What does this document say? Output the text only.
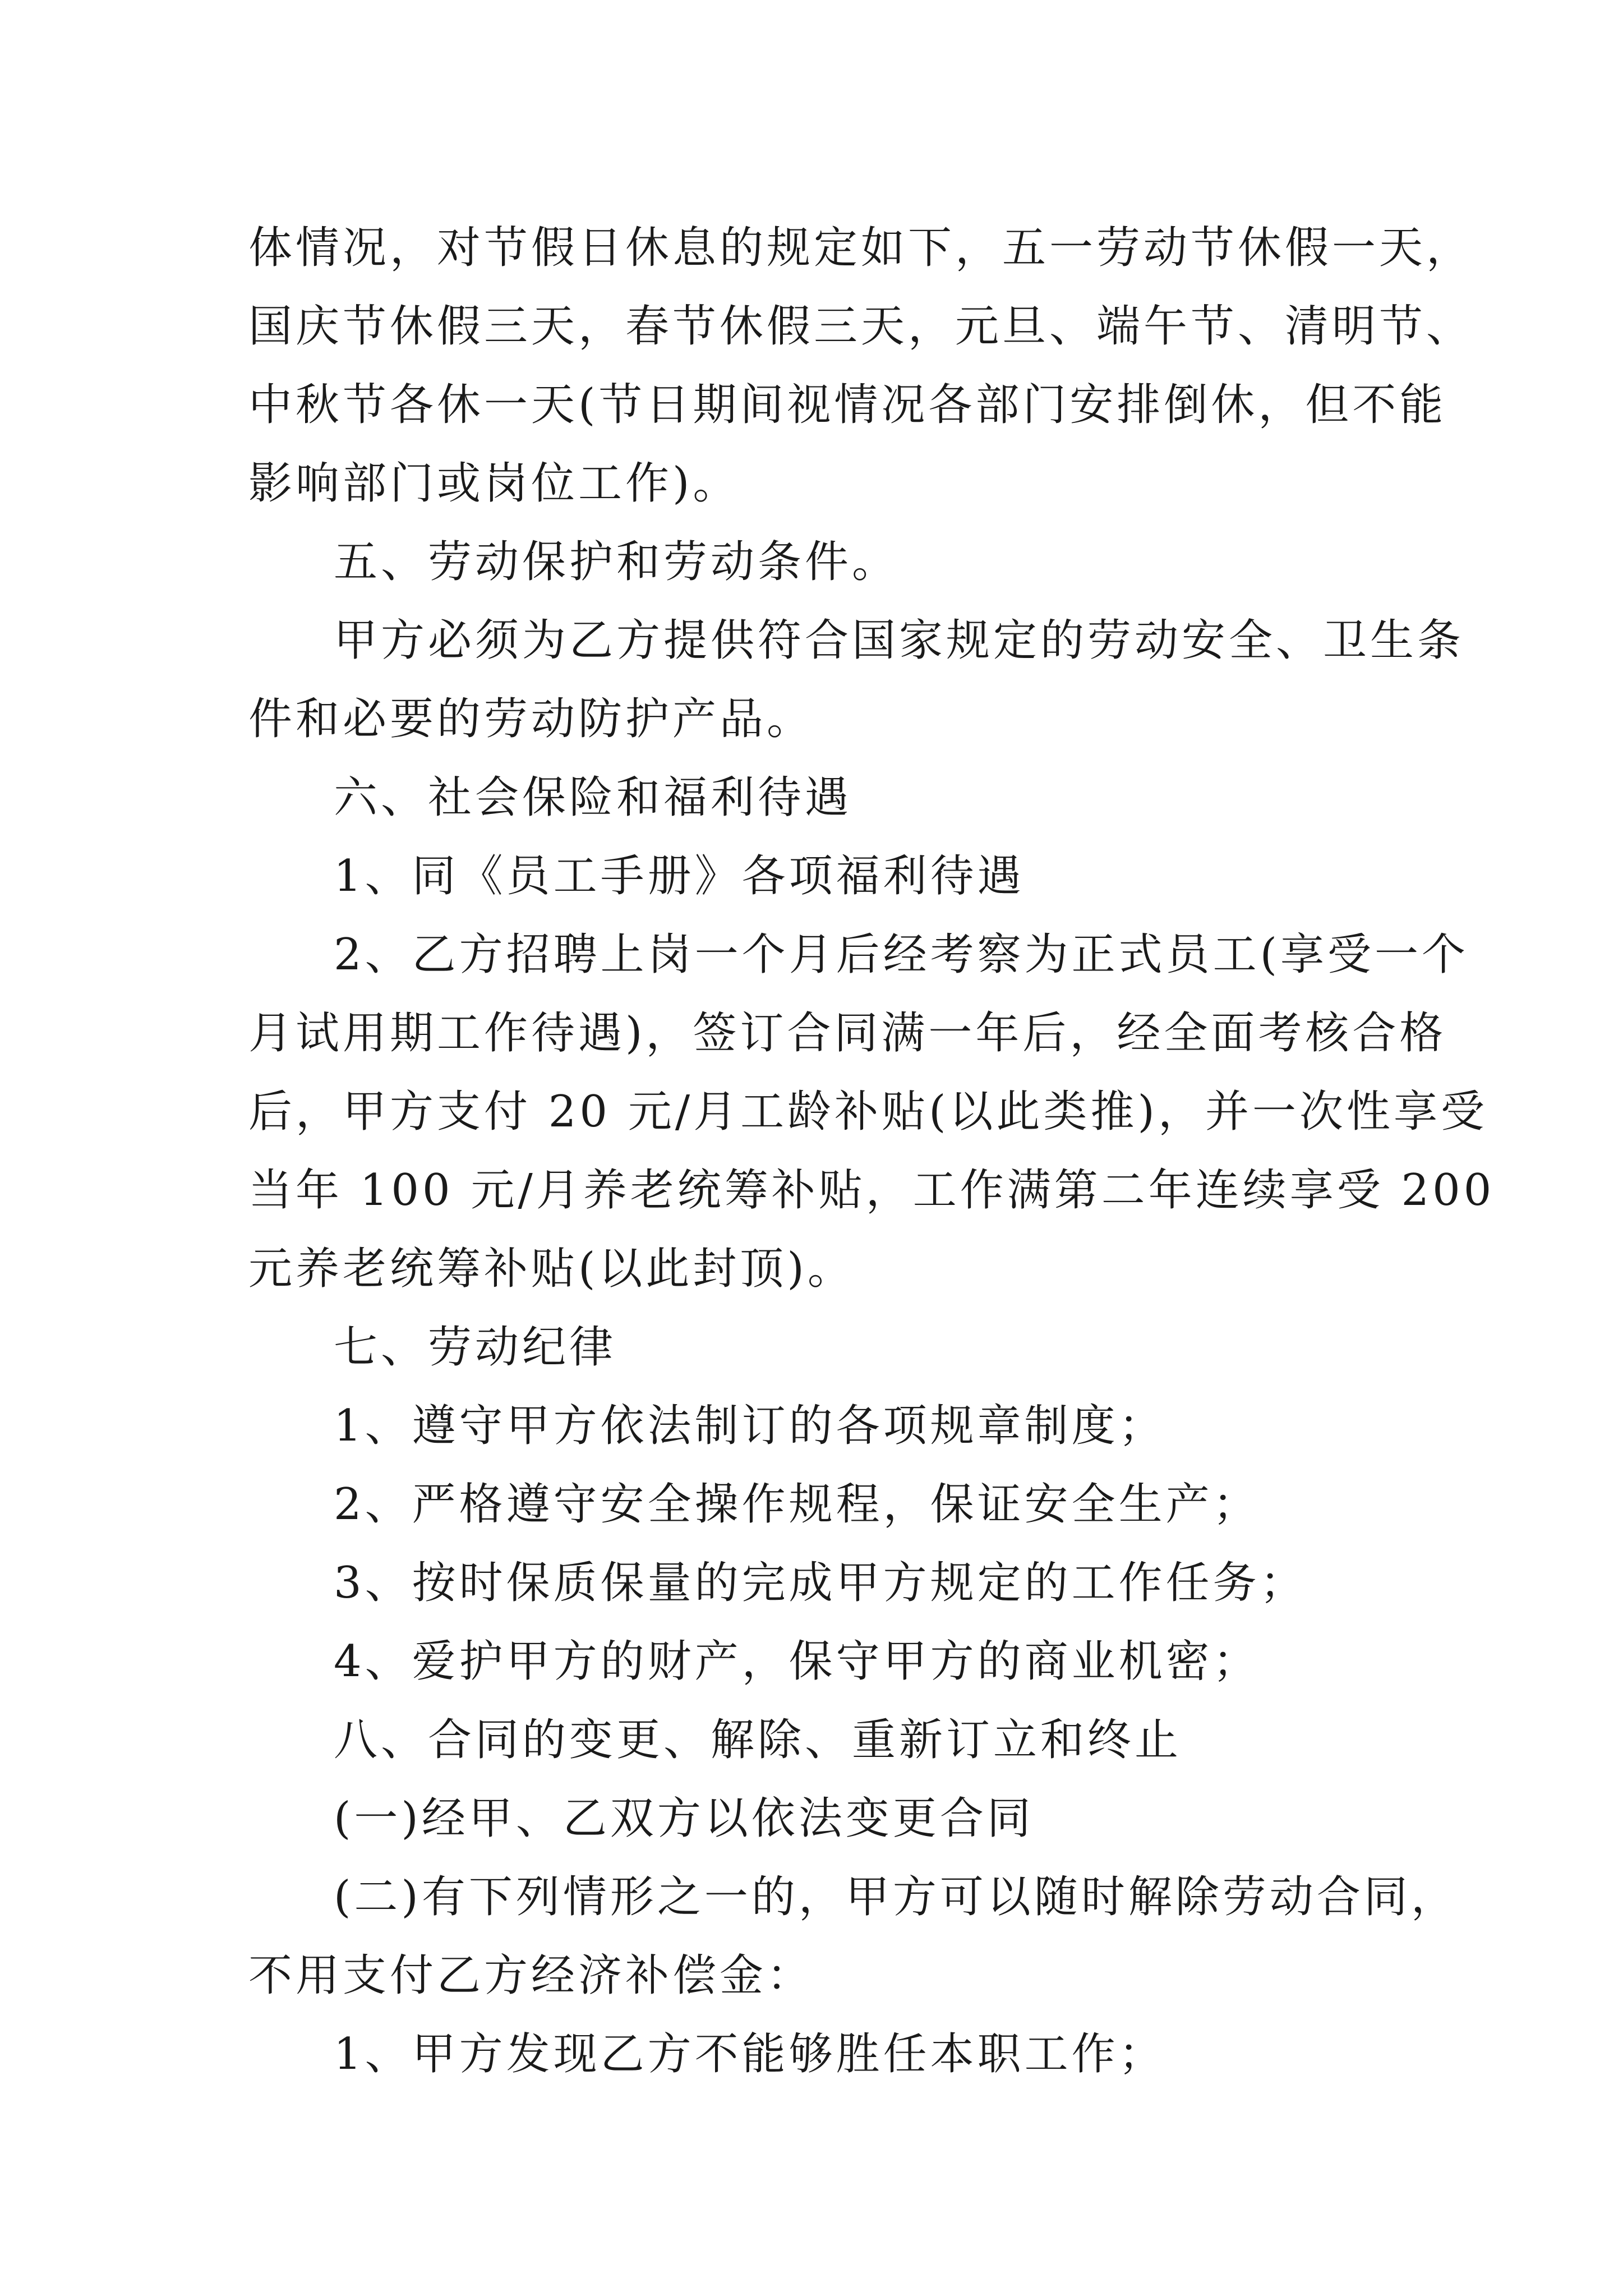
体情况，对节假日休息的规定如下，五一劳动节休假一天，
国庆节休假三天，春节休假三天，元旦、端午节、清明节、
中秋节各休一天(节日期间视情况各部门安排倒休，但不能
影响部门或岗位工作)。
五、劳动保护和劳动条件。
甲方必须为乙方提供符合国家规定的劳动安全、卫生条
件和必要的劳动防护产品。
六、社会保险和福利待遇
1、同《员工手册》各项福利待遇
2、乙方招聘上岗一个月后经考察为正式员工(享受一个
月试用期工作待遇)，签订合同满一年后，经全面考核合格
后，甲方支付 20 元/月工龄补贴(以此类推)，并一次性享受
当年 100 元/月养老统筹补贴，工作满第二年连续享受 200
元养老统筹补贴(以此封顶)。
七、劳动纪律
1、遵守甲方依法制订的各项规章制度；
2、严格遵守安全操作规程，保证安全生产；
3、按时保质保量的完成甲方规定的工作任务；
4、爱护甲方的财产，保守甲方的商业机密；
八、合同的变更、解除、重新订立和终止
(一)经甲、乙双方以依法变更合同
(二)有下列情形之一的，甲方可以随时解除劳动合同，
不用支付乙方经济补偿金：
1、甲方发现乙方不能够胜任本职工作；
